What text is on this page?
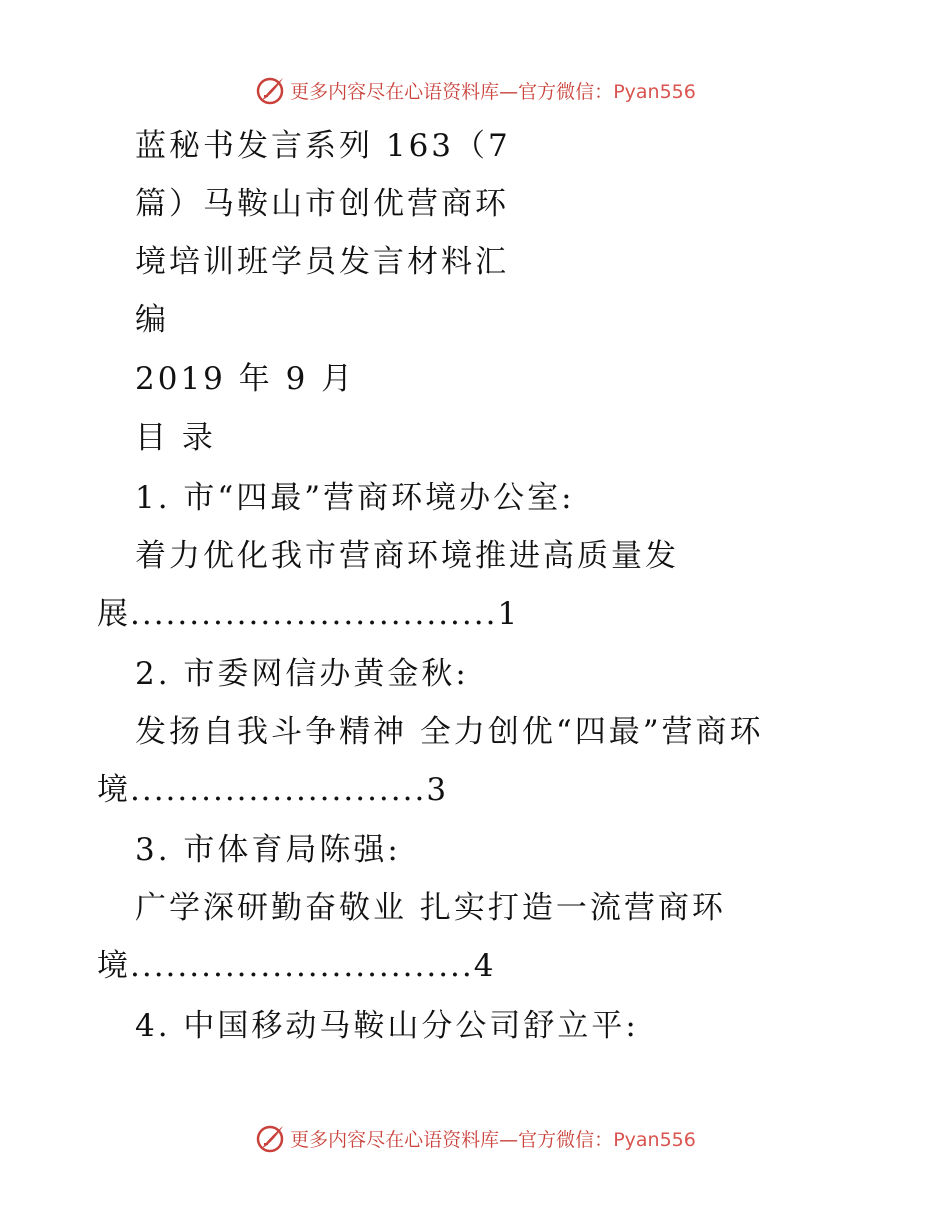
更多内容尽在心语资料库—官方微信：Pyan556
蓝秘书发言系列 163（7
篇）马鞍山市创优营商环
境培训班学员发言材料汇
编
2019 年 9 月
目 录
1. 市“四最”营商环境办公室:
着力优化我市营商环境推进高质量发
展...............................1
2. 市委网信办黄金秋:
发扬自我斗争精神 全力创优“四最”营商环
境.........................3
3. 市体育局陈强:
广学深研勤奋敬业 扎实打造一流营商环
境.............................4
4. 中国移动马鞍山分公司舒立平:
更多内容尽在心语资料库—官方微信：Pyan556
